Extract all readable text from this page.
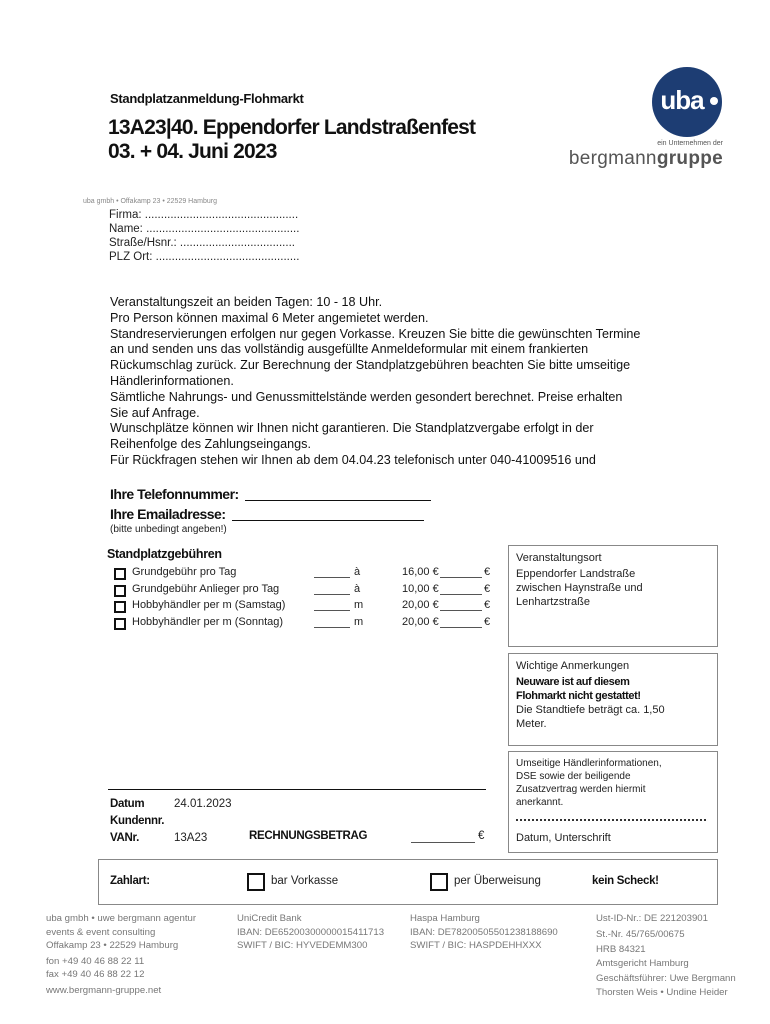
Standplatzanmeldung-Flohmarkt
13A23|40. Eppendorfer Landstraßenfest
03. + 04. Juni 2023
uba
ein Unternehmen der
bergmanngruppe
uba gmbh • Offakamp 23 • 22529 Hamburg
Firma: ................................................
Name: ................................................
Straße/Hsnr.: ....................................
PLZ Ort: .............................................
Veranstaltungszeit an beiden Tagen: 10 - 18 Uhr.
Pro Person können maximal 6 Meter angemietet werden.
Standreservierungen erfolgen nur gegen Vorkasse. Kreuzen Sie bitte die gewünschten Termine
an und senden uns das vollständig ausgefüllte Anmeldeformular mit einem frankierten
Rückumschlag zurück. Zur Berechnung der Standplatzgebühren beachten Sie bitte umseitige
Händlerinformationen.
Sämtliche Nahrungs- und Genussmittelstände werden gesondert berechnet. Preise erhalten
Sie auf Anfrage.
Wunschplätze können wir Ihnen nicht garantieren. Die Standplatzvergabe erfolgt in der
Reihenfolge des Zahlungseingangs.
Für Rückfragen stehen wir Ihnen ab dem 04.04.23 telefonisch unter 040-41009516 und
Ihre Telefonnummer:
Ihre Emailadresse:
(bitte unbedingt angeben!)
Standplatzgebühren
Grundgebühr pro Tag	à	16,00 €	€
Grundgebühr Anlieger pro Tag	à	10,00 €	€
Hobbyhändler per m (Samstag)	m	20,00 €	€
Hobbyhändler per m (Sonntag)	m	20,00 €	€
Veranstaltungsort
Eppendorfer Landstraße
zwischen Haynstraße und
Lenhartzstraße
Wichtige Anmerkungen
Neuware ist auf diesem
Flohmarkt nicht gestattet!
Die Standtiefe beträgt ca. 1,50
Meter.
Umseitige Händlerinformationen,
DSE sowie der beiligende
Zusatzvertrag werden hiermit
anerkannt.
Datum, Unterschrift
Datum	24.01.2023
Kundennr.
VANr.	13A23	RECHNUNGSBETRAG	€
Zahlart:	bar Vorkasse	per Überweisung	kein Scheck!
uba gmbh • uwe bergmann agentur
events & event consulting
Offakamp 23 • 22529 Hamburg
fon +49 40 46 88 22 11
fax +49 40 46 88 22 12
www.bergmann-gruppe.net
UniCredit Bank
IBAN: DE65200300000015411713
SWIFT / BIC: HYVEDEMM300
Haspa Hamburg
IBAN: DE78200505501238188690
SWIFT / BIC: HASPDEHHXXX
Ust-ID-Nr.: DE 221203901
St.-Nr. 45/765/00675
HRB 84321
Amtsgericht Hamburg
Geschäftsführer: Uwe Bergmann
Thorsten Weis • Undine Heider
